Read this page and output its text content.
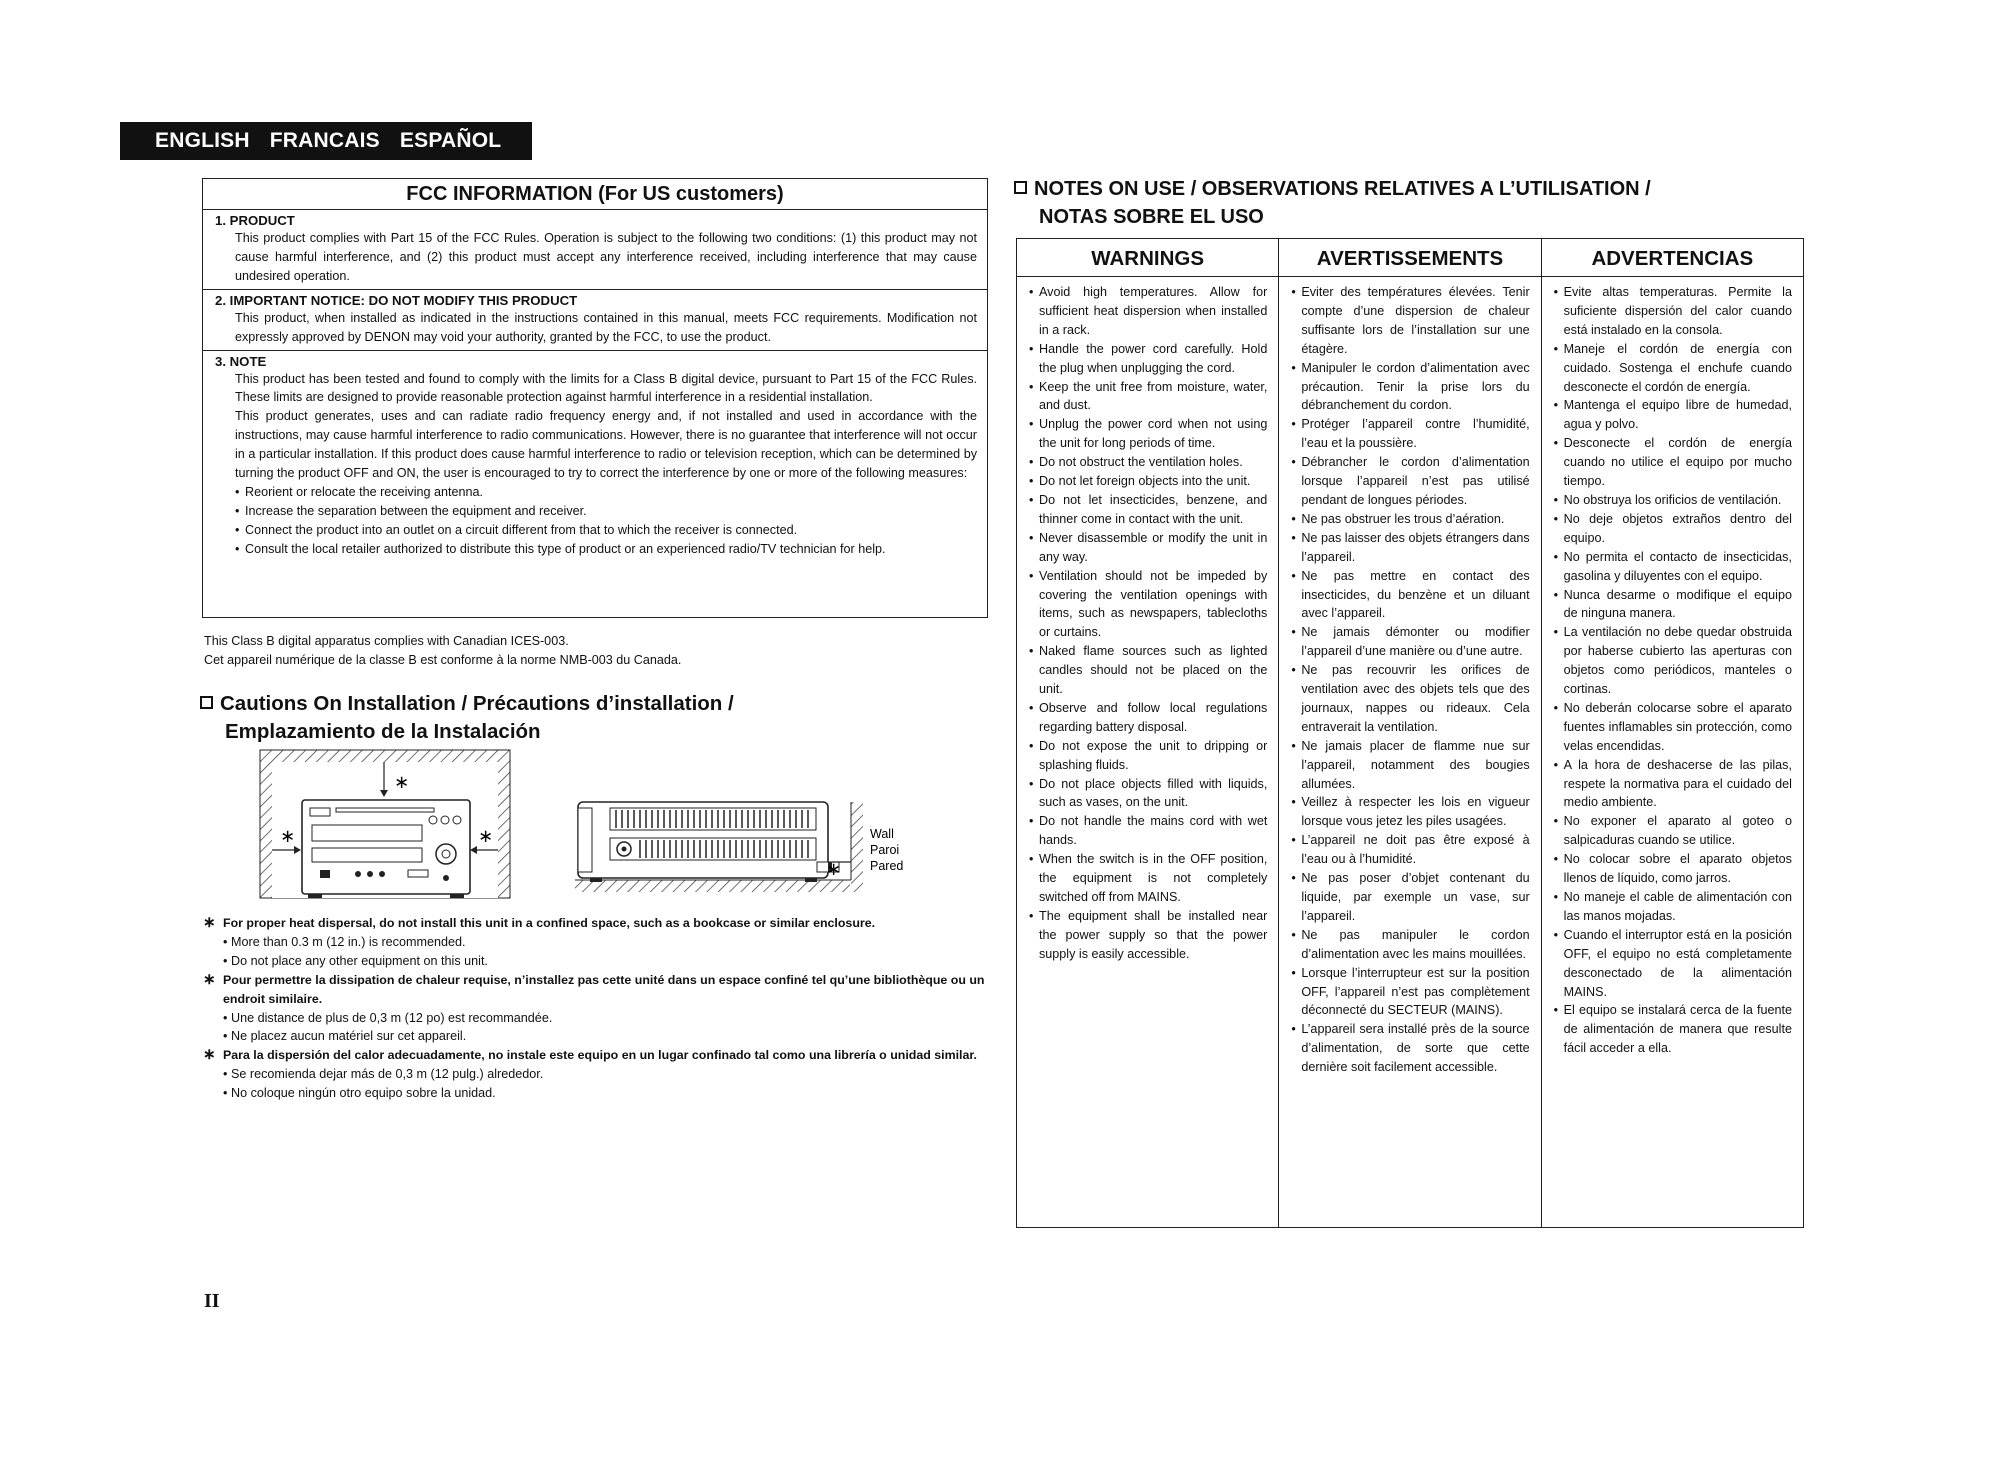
ENGLISH FRANCAIS ESPAÑOL
FCC INFORMATION (For US customers)
1. PRODUCT

This product complies with Part 15 of the FCC Rules. Operation is subject to the following two conditions: (1) this product may not cause harmful interference, and (2) this product must accept any interference received, including interference that may cause undesired operation.

2. IMPORTANT NOTICE: DO NOT MODIFY THIS PRODUCT

This product, when installed as indicated in the instructions contained in this manual, meets FCC requirements. Modification not expressly approved by DENON may void your authority, granted by the FCC, to use the product.

3. NOTE

This product has been tested and found to comply with the limits for a Class B digital device, pursuant to Part 15 of the FCC Rules. These limits are designed to provide reasonable protection against harmful interference in a residential installation.

This product generates, uses and can radiate radio frequency energy and, if not installed and used in accordance with the instructions, may cause harmful interference to radio communications. However, there is no guarantee that interference will not occur in a particular installation. If this product does cause harmful interference to radio or television reception, which can be determined by turning the product OFF and ON, the user is encouraged to try to correct the interference by one or more of the following measures:

• Reorient or relocate the receiving antenna.
• Increase the separation between the equipment and receiver.
• Connect the product into an outlet on a circuit different from that to which the receiver is connected.
• Consult the local retailer authorized to distribute this type of product or an experienced radio/TV technician for help.
This Class B digital apparatus complies with Canadian ICES-003.
Cet appareil numérique de la classe B est conforme à la norme NMB-003 du Canada.
Cautions On Installation / Précautions d’installation /
Emplazamiento de la Instalación
∗
∗	∗
∗
Wall
Paroi
Pared
∗ For proper heat dispersal, do not install this unit in a confined space, such as a bookcase or similar enclosure.
• More than 0.3 m (12 in.) is recommended.
• Do not place any other equipment on this unit.
∗ Pour permettre la dissipation de chaleur requise, n’installez pas cette unité dans un espace confiné tel qu’une bibliothèque ou un endroit similaire.
• Une distance de plus de 0,3 m (12 po) est recommandée.
• Ne placez aucun matériel sur cet appareil.
∗ Para la dispersión del calor adecuadamente, no instale este equipo en un lugar confinado tal como una librería o unidad similar.
• Se recomienda dejar más de 0,3 m (12 pulg.) alrededor.
• No coloque ningún otro equipo sobre la unidad.
NOTES ON USE / OBSERVATIONS RELATIVES A L’UTILISATION /
NOTAS SOBRE EL USO
WARNINGS
• Avoid high temperatures. Allow for sufficient heat dispersion when installed in a rack.
• Handle the power cord carefully. Hold the plug when unplugging the cord.
• Keep the unit free from moisture, water, and dust.
• Unplug the power cord when not using the unit for long periods of time.
• Do not obstruct the ventilation holes.
• Do not let foreign objects into the unit.
• Do not let insecticides, benzene, and thinner come in contact with the unit.
• Never disassemble or modify the unit in any way.
• Ventilation should not be impeded by covering the ventilation openings with items, such as newspapers, tablecloths or curtains.
• Naked flame sources such as lighted candles should not be placed on the unit.
• Observe and follow local regulations regarding battery disposal.
• Do not expose the unit to dripping or splashing fluids.
• Do not place objects filled with liquids, such as vases, on the unit.
• Do not handle the mains cord with wet hands.
• When the switch is in the OFF position, the equipment is not completely switched off from MAINS.
• The equipment shall be installed near the power supply so that the power supply is easily accessible.
AVERTISSEMENTS
• Eviter des températures élevées. Tenir compte d’une dispersion de chaleur suffisante lors de l’installation sur une étagère.
• Manipuler le cordon d’alimentation avec précaution. Tenir la prise lors du débranchement du cordon.
• Protéger l’appareil contre l’humidité, l’eau et la poussière.
• Débrancher le cordon d’alimentation lorsque l’appareil n’est pas utilisé pendant de longues périodes.
• Ne pas obstruer les trous d’aération.
• Ne pas laisser des objets étrangers dans l’appareil.
• Ne pas mettre en contact des insecticides, du benzène et un diluant avec l’appareil.
• Ne jamais démonter ou modifier l’appareil d’une manière ou d’une autre.
• Ne pas recouvrir les orifices de ventilation avec des objets tels que des journaux, nappes ou rideaux. Cela entraverait la ventilation.
• Ne jamais placer de flamme nue sur l’appareil, notamment des bougies allumées.
• Veillez à respecter les lois en vigueur lorsque vous jetez les piles usagées.
• L’appareil ne doit pas être exposé à l’eau ou à l’humidité.
• Ne pas poser d’objet contenant du liquide, par exemple un vase, sur l’appareil.
• Ne pas manipuler le cordon d’alimentation avec les mains mouillées.
• Lorsque l’interrupteur est sur la position OFF, l’appareil n’est pas complètement déconnecté du SECTEUR (MAINS).
• L’appareil sera installé près de la source d’alimentation, de sorte que cette dernière soit facilement accessible.
ADVERTENCIAS
• Evite altas temperaturas. Permite la suficiente dispersión del calor cuando está instalado en la consola.
• Maneje el cordón de energía con cuidado. Sostenga el enchufe cuando desconecte el cordón de energía.
• Mantenga el equipo libre de humedad, agua y polvo.
• Desconecte el cordón de energía cuando no utilice el equipo por mucho tiempo.
• No obstruya los orificios de ventilación.
• No deje objetos extraños dentro del equipo.
• No permita el contacto de insecticidas, gasolina y diluyentes con el equipo.
• Nunca desarme o modifique el equipo de ninguna manera.
• La ventilación no debe quedar obstruida por haberse cubierto las aperturas con objetos como periódicos, manteles o cortinas.
• No deberán colocarse sobre el aparato fuentes inflamables sin protección, como velas encendidas.
• A la hora de deshacerse de las pilas, respete la normativa para el cuidado del medio ambiente.
• No exponer el aparato al goteo o salpicaduras cuando se utilice.
• No colocar sobre el aparato objetos llenos de líquido, como jarros.
• No maneje el cable de alimentación con las manos mojadas.
• Cuando el interruptor está en la posición OFF, el equipo no está completamente desconectado de la alimentación MAINS.
• El equipo se instalará cerca de la fuente de alimentación de manera que resulte fácil acceder a ella.
II
